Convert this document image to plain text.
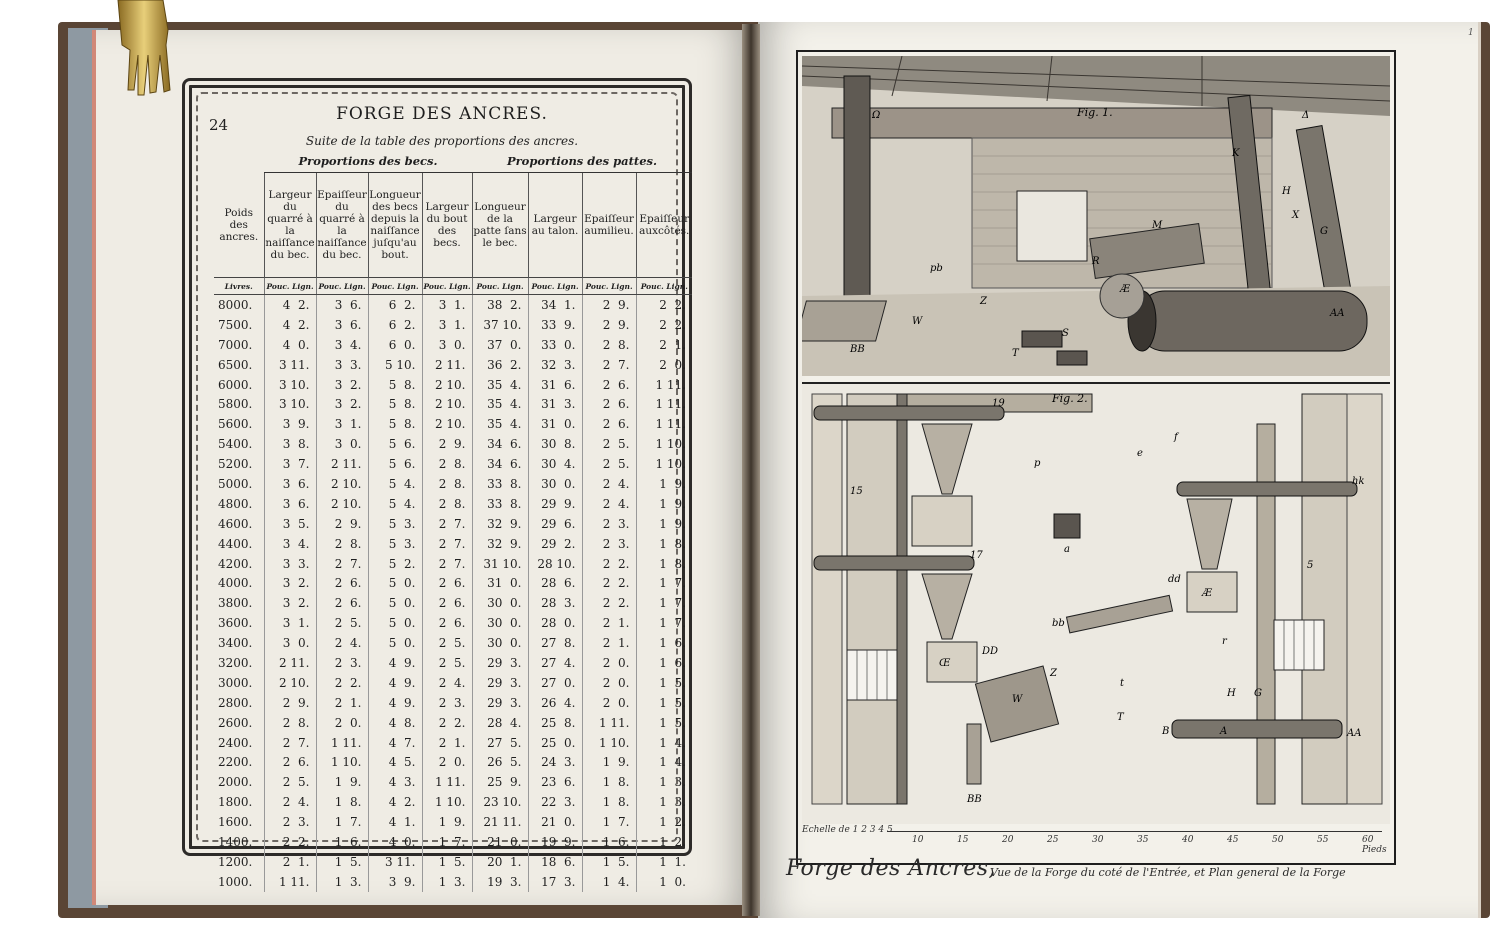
24
FORGE DES ANCRES.
Suite de la table des proportions des ancres.
	Proportions des becs.				Proportions des pattes.			
Poids des ancres.	Largeur du quarré à la naiſſance du bec.	Epaiſſeur du quarré à la naiſſance du bec.	Longueur des becs depuis la naiſſance juſqu'au bout.	Largeur du bout des becs.	Longueur de la patte ſans le bec.	Largeur au talon.	Epaiſſeur aumilieu.	Epaiſſeur auxcôtés.
Livres.	Pouc. Lign.	Pouc. Lign.	Pouc. Lign.	Pouc. Lign.	Pouc. Lign.	Pouc. Lign.	Pouc. Lign.	Pouc. Lign.
8000.	4  2.	3  6.	6  2.	3  1.	38  2.	34  1.	2  9.	2  2.
7500.	4  2.	3  6.	6  2.	3  1.	37 10.	33  9.	2  9.	2  2.
7000.	4  0.	3  4.	6  0.	3  0.	37  0.	33  0.	2  8.	2  1.
6500.	3 11.	3  3.	5 10.	2 11.	36  2.	32  3.	2  7.	2  0.
6000.	3 10.	3  2.	5  8.	2 10.	35  4.	31  6.	2  6.	1 11.
5800.	3 10.	3  2.	5  8.	2 10.	35  4.	31  3.	2  6.	1 11.
5600.	3  9.	3  1.	5  8.	2 10.	35  4.	31  0.	2  6.	1 11.
5400.	3  8.	3  0.	5  6.	2  9.	34  6.	30  8.	2  5.	1 10.
5200.	3  7.	2 11.	5  6.	2  8.	34  6.	30  4.	2  5.	1 10.
5000.	3  6.	2 10.	5  4.	2  8.	33  8.	30  0.	2  4.	1  9.
4800.	3  6.	2 10.	5  4.	2  8.	33  8.	29  9.	2  4.	1  9.
4600.	3  5.	2  9.	5  3.	2  7.	32  9.	29  6.	2  3.	1  9.
4400.	3  4.	2  8.	5  3.	2  7.	32  9.	29  2.	2  3.	1  8.
4200.	3  3.	2  7.	5  2.	2  7.	31 10.	28 10.	2  2.	1  8.
4000.	3  2.	2  6.	5  0.	2  6.	31  0.	28  6.	2  2.	1  7.
3800.	3  2.	2  6.	5  0.	2  6.	30  0.	28  3.	2  2.	1  7.
3600.	3  1.	2  5.	5  0.	2  6.	30  0.	28  0.	2  1.	1  7.
3400.	3  0.	2  4.	5  0.	2  5.	30  0.	27  8.	2  1.	1  6.
3200.	2 11.	2  3.	4  9.	2  5.	29  3.	27  4.	2  0.	1  6.
3000.	2 10.	2  2.	4  9.	2  4.	29  3.	27  0.	2  0.	1  5.
2800.	2  9.	2  1.	4  9.	2  3.	29  3.	26  4.	2  0.	1  5.
2600.	2  8.	2  0.	4  8.	2  2.	28  4.	25  8.	1 11.	1  5.
2400.	2  7.	1 11.	4  7.	2  1.	27  5.	25  0.	1 10.	1  4.
2200.	2  6.	1 10.	4  5.	2  0.	26  5.	24  3.	1  9.	1  4.
2000.	2  5.	1  9.	4  3.	1 11.	25  9.	23  6.	1  8.	1  3.
1800.	2  4.	1  8.	4  2.	1 10.	23 10.	22  3.	1  8.	1  3.
1600.	2  3.	1  7.	4  1.	1  9.	21 11.	21  0.	1  7.	1  2.
1400.	2  2.	1  6.	4  0.	1  7.	21  0.	19  9.	1  6.	1  2.
1200.	2  1.	1  5.	3 11.	1  5.	20  1.	18  6.	1  5.	1  1.
1000.	1 11.	1  3.	3  9.	1  3.	19  3.	17  3.	1  4.	1  0.
1
Ω	Fig. 1.	Δ
H
K
X
G
Z
W
Æ
AA
BB	T
S
R
M
pb
Fig. 2.
f
p
e
a
dd
Æ
bb
DD
Œ
W
Z
t
T
r
H G
B	A	AA
BB
hk
19
17
15
5
Echelle de 1 2 3 4 5
10	15	20	25	30	35	40	45	50	55	60 Pieds
Forge des Ancres,
Vue de la Forge du coté de l'Entrée, et Plan general de la Forge
